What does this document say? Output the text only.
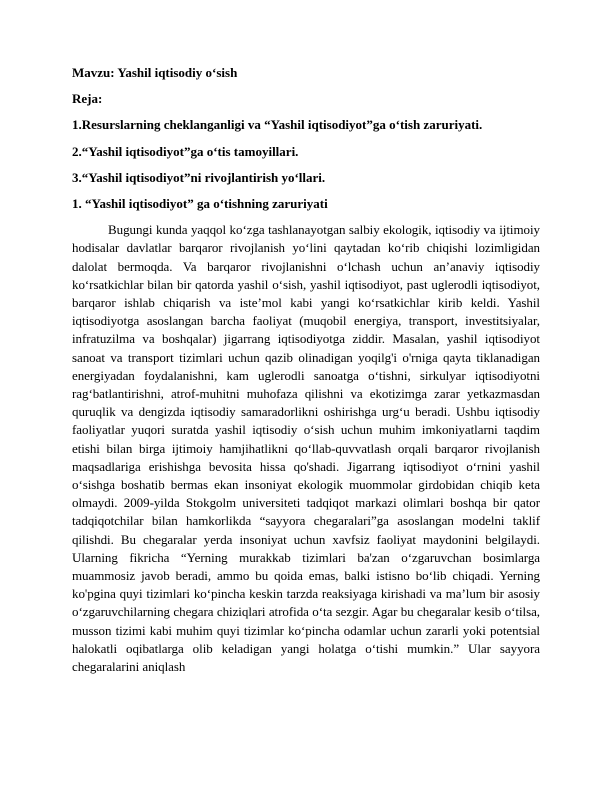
Mavzu: Yashil iqtisodiy o‘sish

Reja:

1.Resurslarning cheklanganligi va “Yashil iqtisodiyot”ga o‘tish zaruriyati.

2.“Yashil iqtisodiyot”ga o‘tis tamoyillari.

3.“Yashil iqtisodiyot”ni rivojlantirish yo‘llari.

1. “Yashil iqtisodiyot” ga o‘tishning zaruriyati

Bugungi kunda yaqqol ko‘zga tashlanayotgan salbiy ekologik, iqtisodiy va ijtimoiy hodisalar davlatlar barqaror rivojlanish yo‘lini qaytadan ko‘rib chiqishi lozimligidan dalolat bermoqda. Va barqaror rivojlanishni o‘lchash uchun an’anaviy iqtisodiy ko‘rsatkichlar bilan bir qatorda yashil o‘sish, yashil iqtisodiyot, past uglerodli iqtisodiyot, barqaror ishlab chiqarish va iste’mol kabi yangi ko‘rsatkichlar kirib keldi. Yashil iqtisodiyotga asoslangan barcha faoliyat (muqobil energiya, transport, investitsiyalar, infratuzilma va boshqalar) jigarrang iqtisodiyotga ziddir. Masalan, yashil iqtisodiyot sanoat va transport tizimlari uchun qazib olinadigan yoqilg'i o'rniga qayta tiklanadigan energiyadan foydalanishni, kam uglerodli sanoatga o‘tishni, sirkulyar iqtisodiyotni rag‘batlantirishni, atrof-muhitni muhofaza qilishni va ekotizimga zarar yetkazmasdan quruqlik va dengizda iqtisodiy samaradorlikni oshirishga urg‘u beradi. Ushbu iqtisodiy faoliyatlar yuqori suratda yashil iqtisodiy o‘sish uchun muhim imkoniyatlarni taqdim etishi bilan birga ijtimoiy hamjihatlikni qo‘llab-quvvatlash orqali barqaror rivojlanish maqsadlariga erishishga bevosita hissa qo'shadi. Jigarrang iqtisodiyot o‘rnini yashil o‘sishga boshatib bermas ekan insoniyat ekologik muommolar girdobidan chiqib keta olmaydi. 2009-yilda Stokgolm universiteti tadqiqot markazi olimlari boshqa bir qator tadqiqotchilar bilan hamkorlikda “sayyora chegaralari”ga asoslangan modelni taklif qilishdi. Bu chegaralar yerda insoniyat uchun xavfsiz faoliyat maydonini belgilaydi. Ularning fikricha “Yerning murakkab tizimlari ba'zan o‘zgaruvchan bosimlarga muammosiz javob beradi, ammo bu qoida emas, balki istisno bo‘lib chiqadi. Yerning ko'pgina quyi tizimlari ko‘pincha keskin tarzda reaksiyaga kirishadi va ma’lum bir asosiy o‘zgaruvchilarning chegara chiziqlari atrofida o‘ta sezgir. Agar bu chegaralar kesib o‘tilsa, musson tizimi kabi muhim quyi tizimlar ko‘pincha odamlar uchun zararli yoki potentsial halokatli oqibatlarga olib keladigan yangi holatga o‘tishi mumkin.” Ular sayyora chegaralarini aniqlash
